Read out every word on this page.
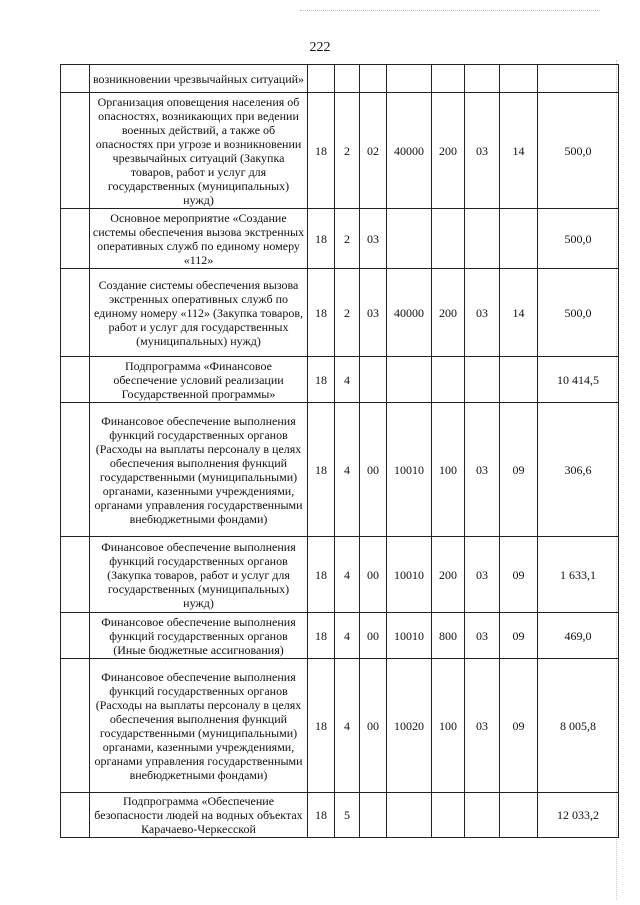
222
	возникновении чрезвычайных ситуаций»								
	Организация оповещения населения об опасностях, возникающих при ведении военных действий, а также об опасностях при угрозе и возникновении чрезвычайных ситуаций (Закупка товаров, работ и услуг для государственных (муниципальных) нужд)	18	2	02	40000	200	03	14	500,0
	Основное мероприятие «Создание системы обеспечения вызова экстренных оперативных служб по единому номеру «112»	18	2	03					500,0
	Создание системы обеспечения вызова экстренных оперативных служб по единому номеру «112» (Закупка товаров, работ и услуг для государственных (муниципальных) нужд)	18	2	03	40000	200	03	14	500,0
	Подпрограмма «Финансовое обеспечение условий реализации Государственной программы»	18	4						10 414,5
	Финансовое обеспечение выполнения функций государственных органов (Расходы на выплаты персоналу в целях обеспечения выполнения функций государственными (муниципальными) органами, казенными учреждениями, органами управления государственными внебюджетными фондами)	18	4	00	10010	100	03	09	306,6
	Финансовое обеспечение выполнения функций государственных органов (Закупка товаров, работ и услуг для государственных (муниципальных) нужд)	18	4	00	10010	200	03	09	1 633,1
	Финансовое обеспечение выполнения функций государственных органов (Иные бюджетные ассигнования)	18	4	00	10010	800	03	09	469,0
	Финансовое обеспечение выполнения функций государственных органов (Расходы на выплаты персоналу в целях обеспечения выполнения функций государственными (муниципальными) органами, казенными учреждениями, органами управления государственными внебюджетными фондами)	18	4	00	10020	100	03	09	8 005,8
	Подпрограмма «Обеспечение безопасности людей на водных объектах Карачаево-Черкесской	18	5						12 033,2
